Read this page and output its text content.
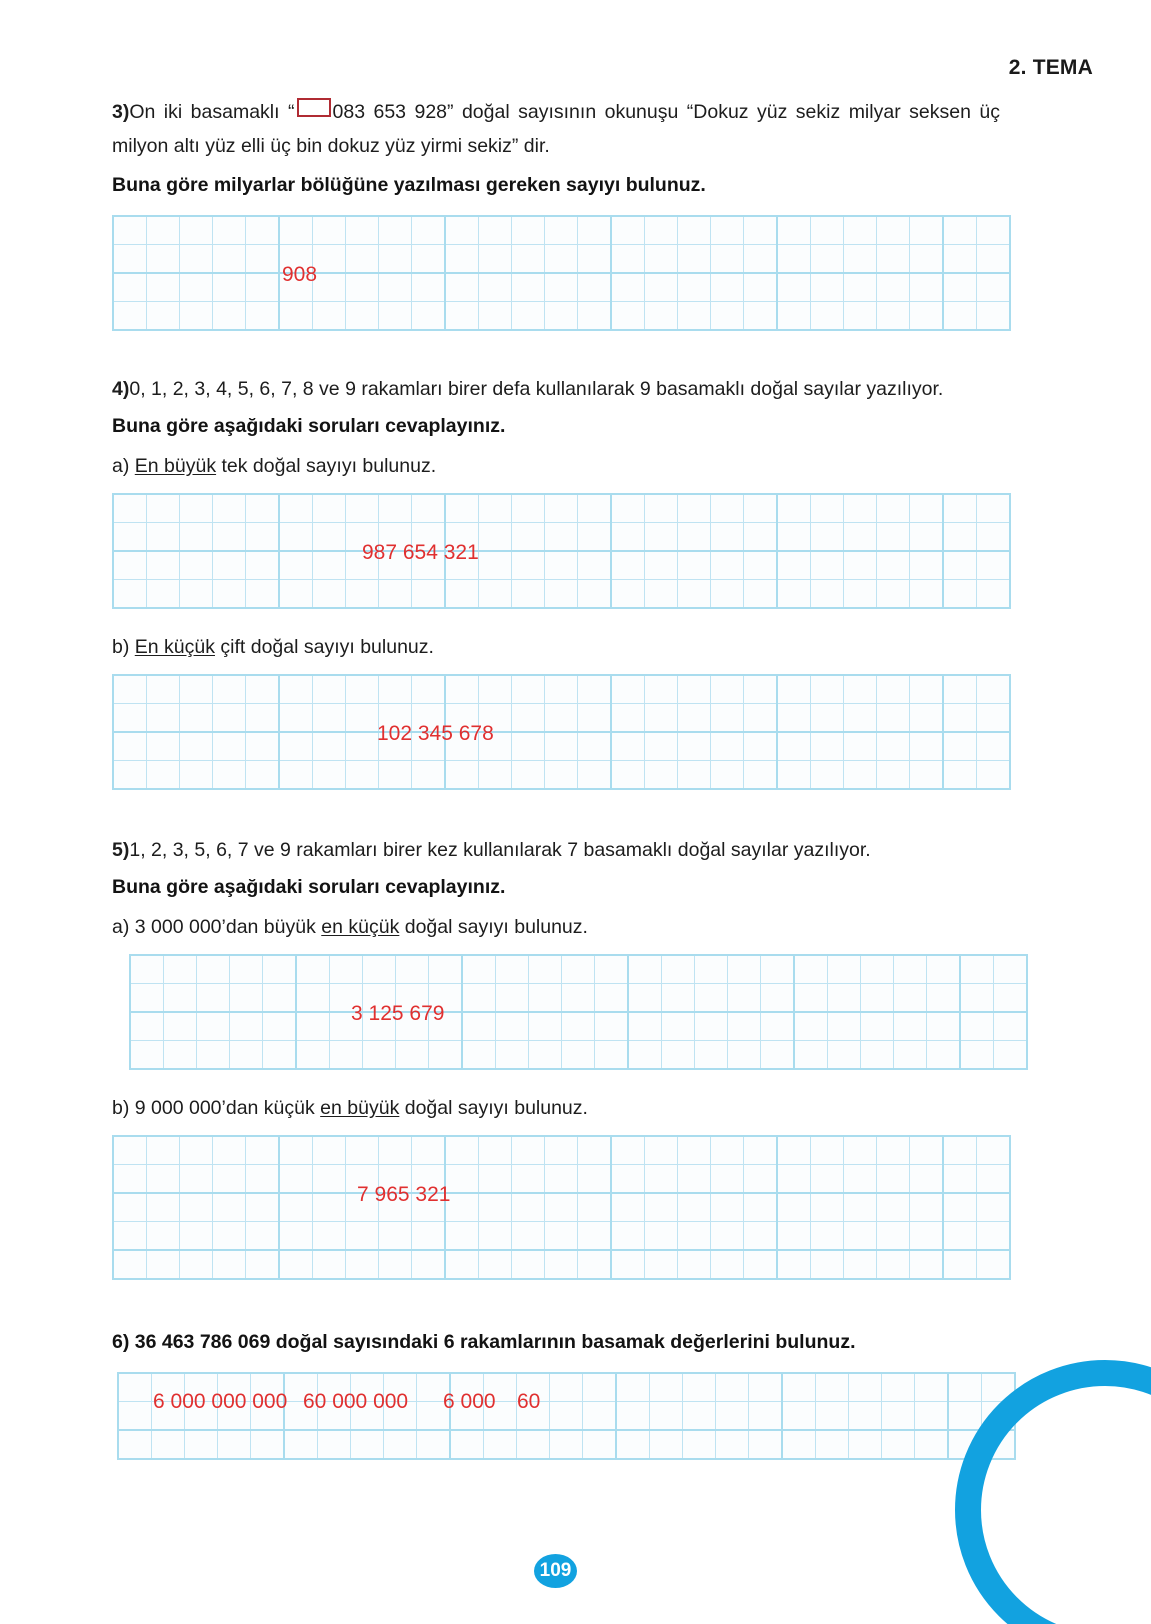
2. TEMA
3)On iki basamaklı “ 083 653 928” doğal sayısının okunuşu “Dokuz yüz sekiz milyar seksen üç milyon altı yüz elli üç bin dokuz yüz yirmi sekiz” dir.
Buna göre milyarlar bölüğüne yazılması gereken sayıyı bulunuz.

908
4)0, 1, 2, 3, 4, 5, 6, 7, 8 ve 9 rakamları birer defa kullanılarak 9 basamaklı doğal sayılar yazılıyor.
Buna göre aşağıdaki soruları cevaplayınız.
a) En büyük tek doğal sayıyı bulunuz.

987 654 321
b) En küçük çift doğal sayıyı bulunuz.

102 345 678
5)1, 2, 3, 5, 6, 7 ve 9 rakamları birer kez kullanılarak 7 basamaklı doğal sayılar yazılıyor.
Buna göre aşağıdaki soruları cevaplayınız.
a) 3 000 000’dan büyük en küçük doğal sayıyı bulunuz.

3 125 679
b) 9 000 000’dan küçük en büyük doğal sayıyı bulunuz.

7 965 321
6) 36 463 786 069 doğal sayısındaki 6 rakamlarının basamak değerlerini bulunuz.

6 000 000 000 60 000 000 6 000 60
109
